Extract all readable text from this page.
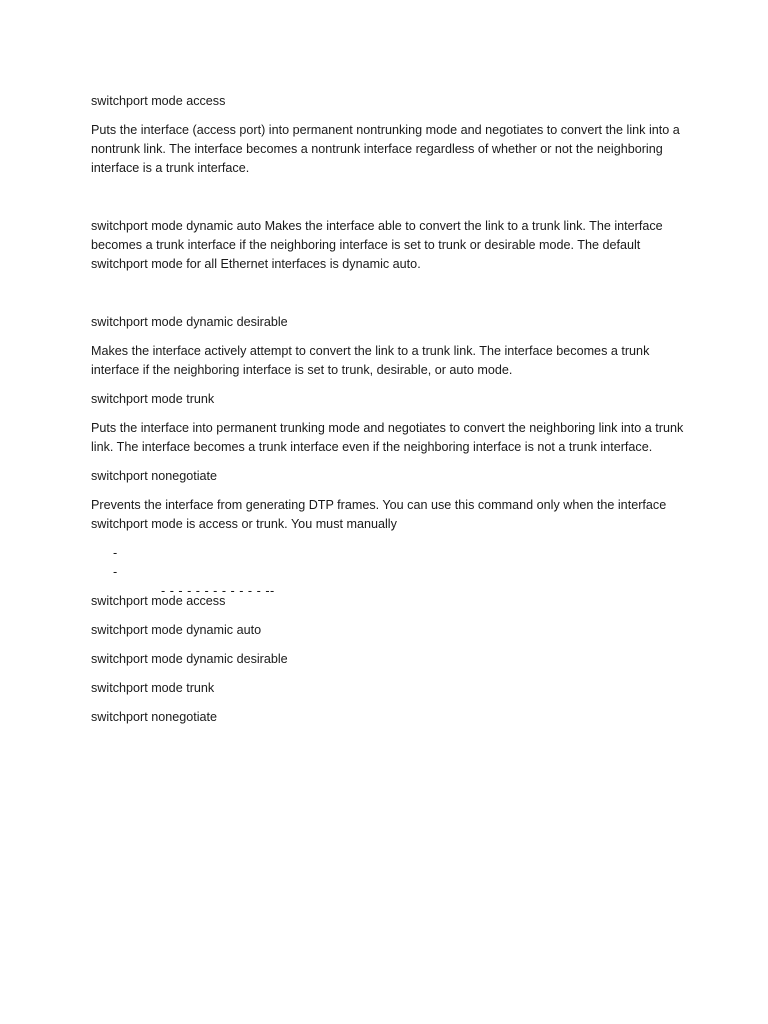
switchport mode access

Puts the interface (access port) into permanent nontrunking mode and negotiates to convert the link into a nontrunk link. The interface becomes a nontrunk interface regardless of whether or not the neighboring interface is a trunk interface.

switchport mode dynamic auto Makes the interface able to convert the link to a trunk link. The interface becomes a trunk interface if the neighboring interface is set to trunk or desirable mode. The default switchport mode for all Ethernet interfaces is dynamic auto.

switchport mode dynamic desirable

Makes the interface actively attempt to convert the link to a trunk link. The interface becomes a trunk interface if the neighboring interface is set to trunk, desirable, or auto mode.

switchport mode trunk

Puts the interface into permanent trunking mode and negotiates to convert the neighboring link into a trunk link. The interface becomes a trunk interface even if the neighboring interface is not a trunk interface.

switchport nonegotiate

Prevents the interface from generating DTP frames. You can use this command only when the interface switchport mode is access or trunk. You must manually

-

- - - - - - - - - - - - --

-

switchport mode access

switchport mode dynamic auto

switchport mode dynamic desirable

switchport mode trunk

switchport nonegotiate
